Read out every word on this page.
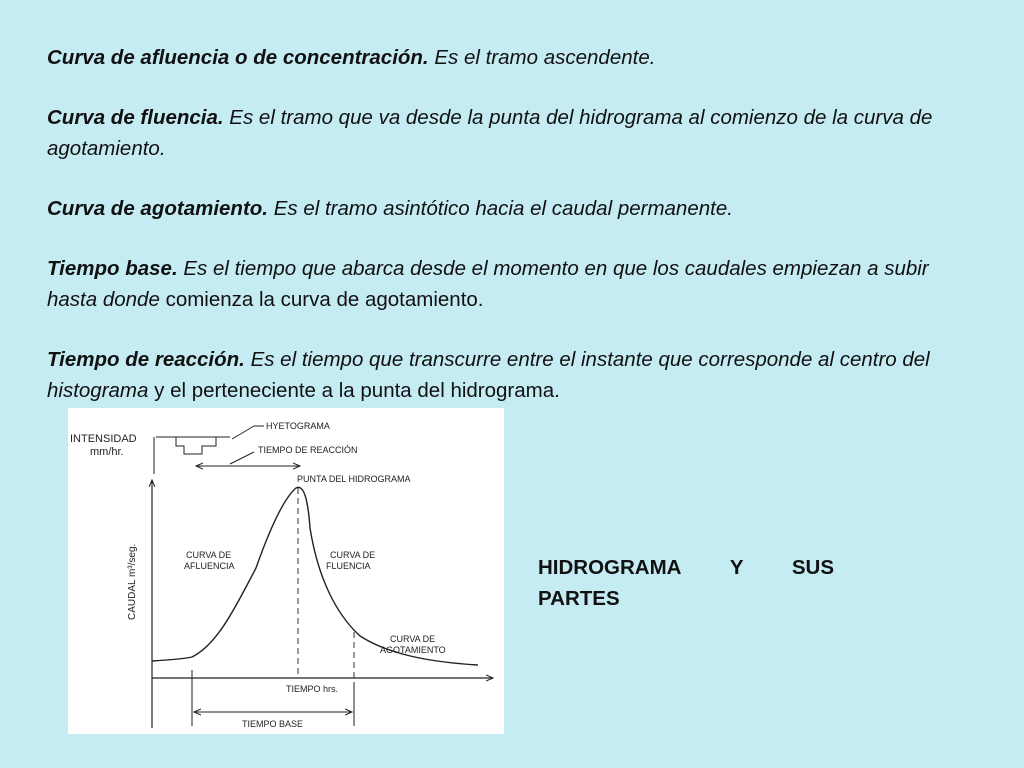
Curva de afluencia o de concentración. Es el tramo ascendente.

Curva de fluencia. Es el tramo que va desde la punta del hidrograma al comienzo de la curva de agotamiento.

Curva de agotamiento. Es el tramo asintótico hacia el caudal permanente.

Tiempo base. Es el tiempo que abarca desde el momento en que los caudales empiezan a subir hasta donde comienza la curva de agotamiento.

Tiempo de reacción. Es el tiempo que transcurre entre el instante que corresponde al centro del histograma y el perteneciente a la punta del hidrograma.

INTENSIDAD
mm/hr.
HYETOGRAMA
TIEMPO DE REACCIÓN
PUNTA DEL HIDROGRAMA
CAUDAL m³/seg.	CURVA DE
AFLUENCIA
CURVA DE
FLUENCIA
CURVA DE
AGOTAMIENTO
TIEMPO hrs.
TIEMPO BASE
HIDROGRAMA Y SUS
PARTES
